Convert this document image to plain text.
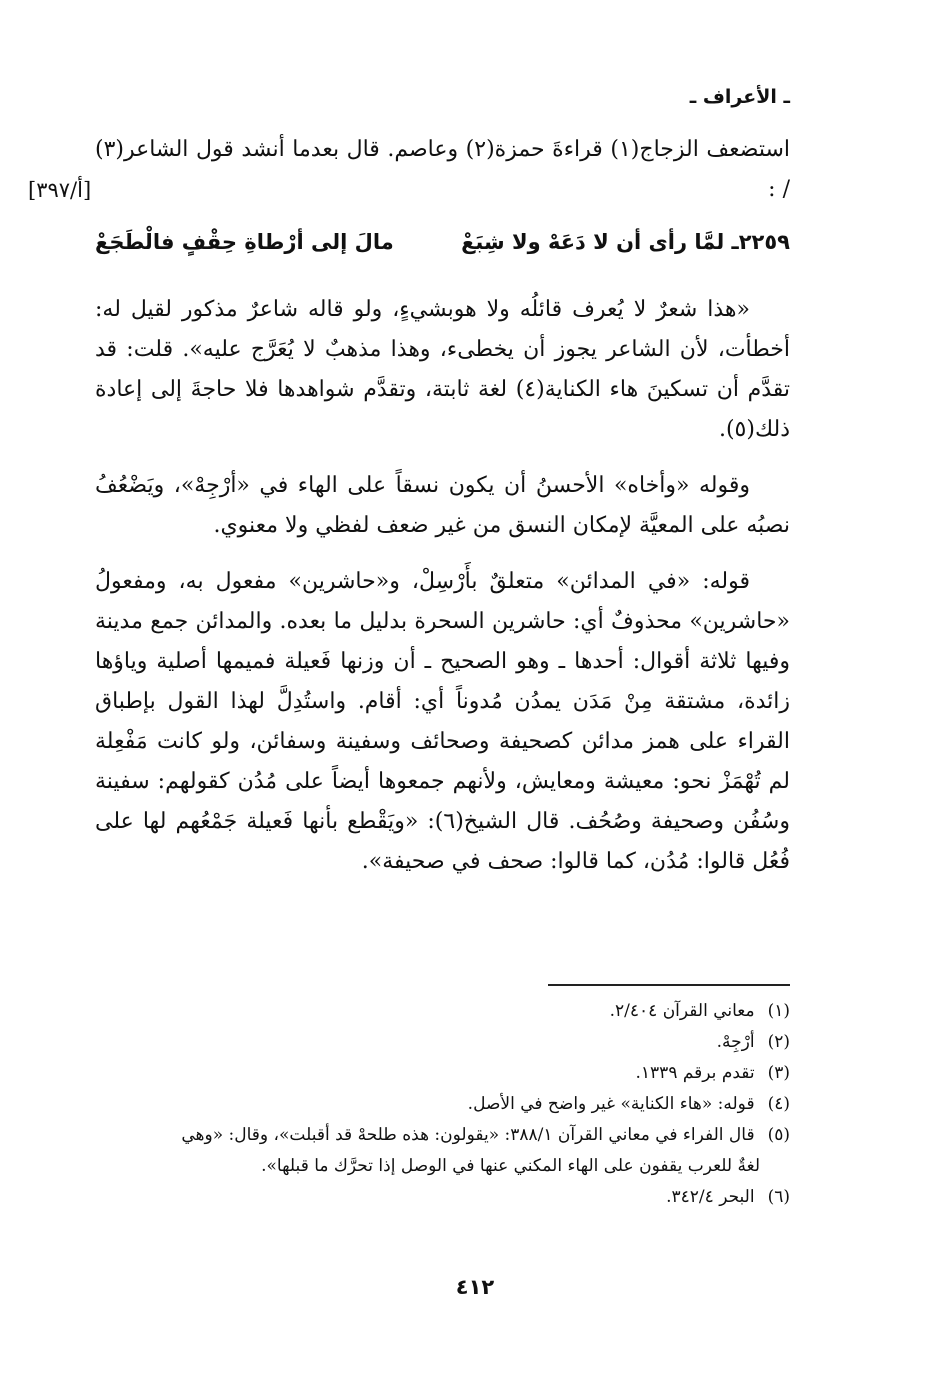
ـ الأعراف ـ
[۳۹۷/أ]

استضعف الزجاج(١) قراءةَ حمزة(٢) وعاصم. قال بعدما أنشد قول الشاعر(٣) / :

٢٢٥٩ـ لمَّا رأى أن لا دَعَهْ ولا شِبَعْ
مالَ إلى أرْطاةِ حِقْفٍ فالْطَجَعْ

«هذا شعرٌ لا يُعرف قائلُه ولا هوبشيءٍ، ولو قاله شاعرٌ مذكور لقيل له: أخطأت، لأن الشاعر يجوز أن يخطىء، وهذا مذهبٌ لا يُعَرَّج عليه». قلت: قد تقدَّم أن تسكينَ هاء الكناية(٤) لغة ثابتة، وتقدَّم شواهدها فلا حاجةَ إلى إعادة ذلك(٥).

وقوله «وأخاه» الأحسنُ أن يكون نسقاً على الهاء في «أرْجِهْ»، ويَضْعُفُ نصبُه على المعيَّة لإمكان النسق من غير ضعف لفظي ولا معنوي.

قوله: «في المدائن» متعلقٌ بأَرْسِلْ، و«حاشرين» مفعول به، ومفعولُ «حاشرين» محذوفٌ أي: حاشرين السحرة بدليل ما بعده. والمدائن جمع مدينة وفيها ثلاثة أقوال: أحدها ـ وهو الصحيح ـ أن وزنها فَعيلة فميمها أصلية وياؤها زائدة، مشتقة مِنْ مَدَن يمدُن مُدوناً أي: أقام. واستُدِلَّ لهذا القول بإطباق القراء على همز مدائن كصحيفة وصحائف وسفينة وسفائن، ولو كانت مَفْعِلة لم تُهْمَزْ نحو: معيشة ومعايش، ولأنهم جمعوها أيضاً على مُدُن كقولهم: سفينة وسُفُن وصحيفة وصُحُف. قال الشيخ(٦): «ويَقْطع بأنها فَعيلة جَمْعُهم لها على فُعُل قالوا: مُدُن، كما قالوا: صحف في صحيفة».

(١) معاني القرآن ٢/٤٠٤.

(٢) أرْجِهْ.

(٣) تقدم برقم ١٣٣٩.

(٤) قوله: «هاء الكناية» غير واضح في الأصل.

(٥) قال الفراء في معاني القرآن ٣٨٨/١: «يقولون: هذه طلحهْ قد أقبلت»، وقال: «وهي

لغةٌ للعرب يقفون على الهاء المكني عنها في الوصل إذا تحرَّك ما قبلها».

(٦) البحر ٣٤٢/٤.

٤١٢
